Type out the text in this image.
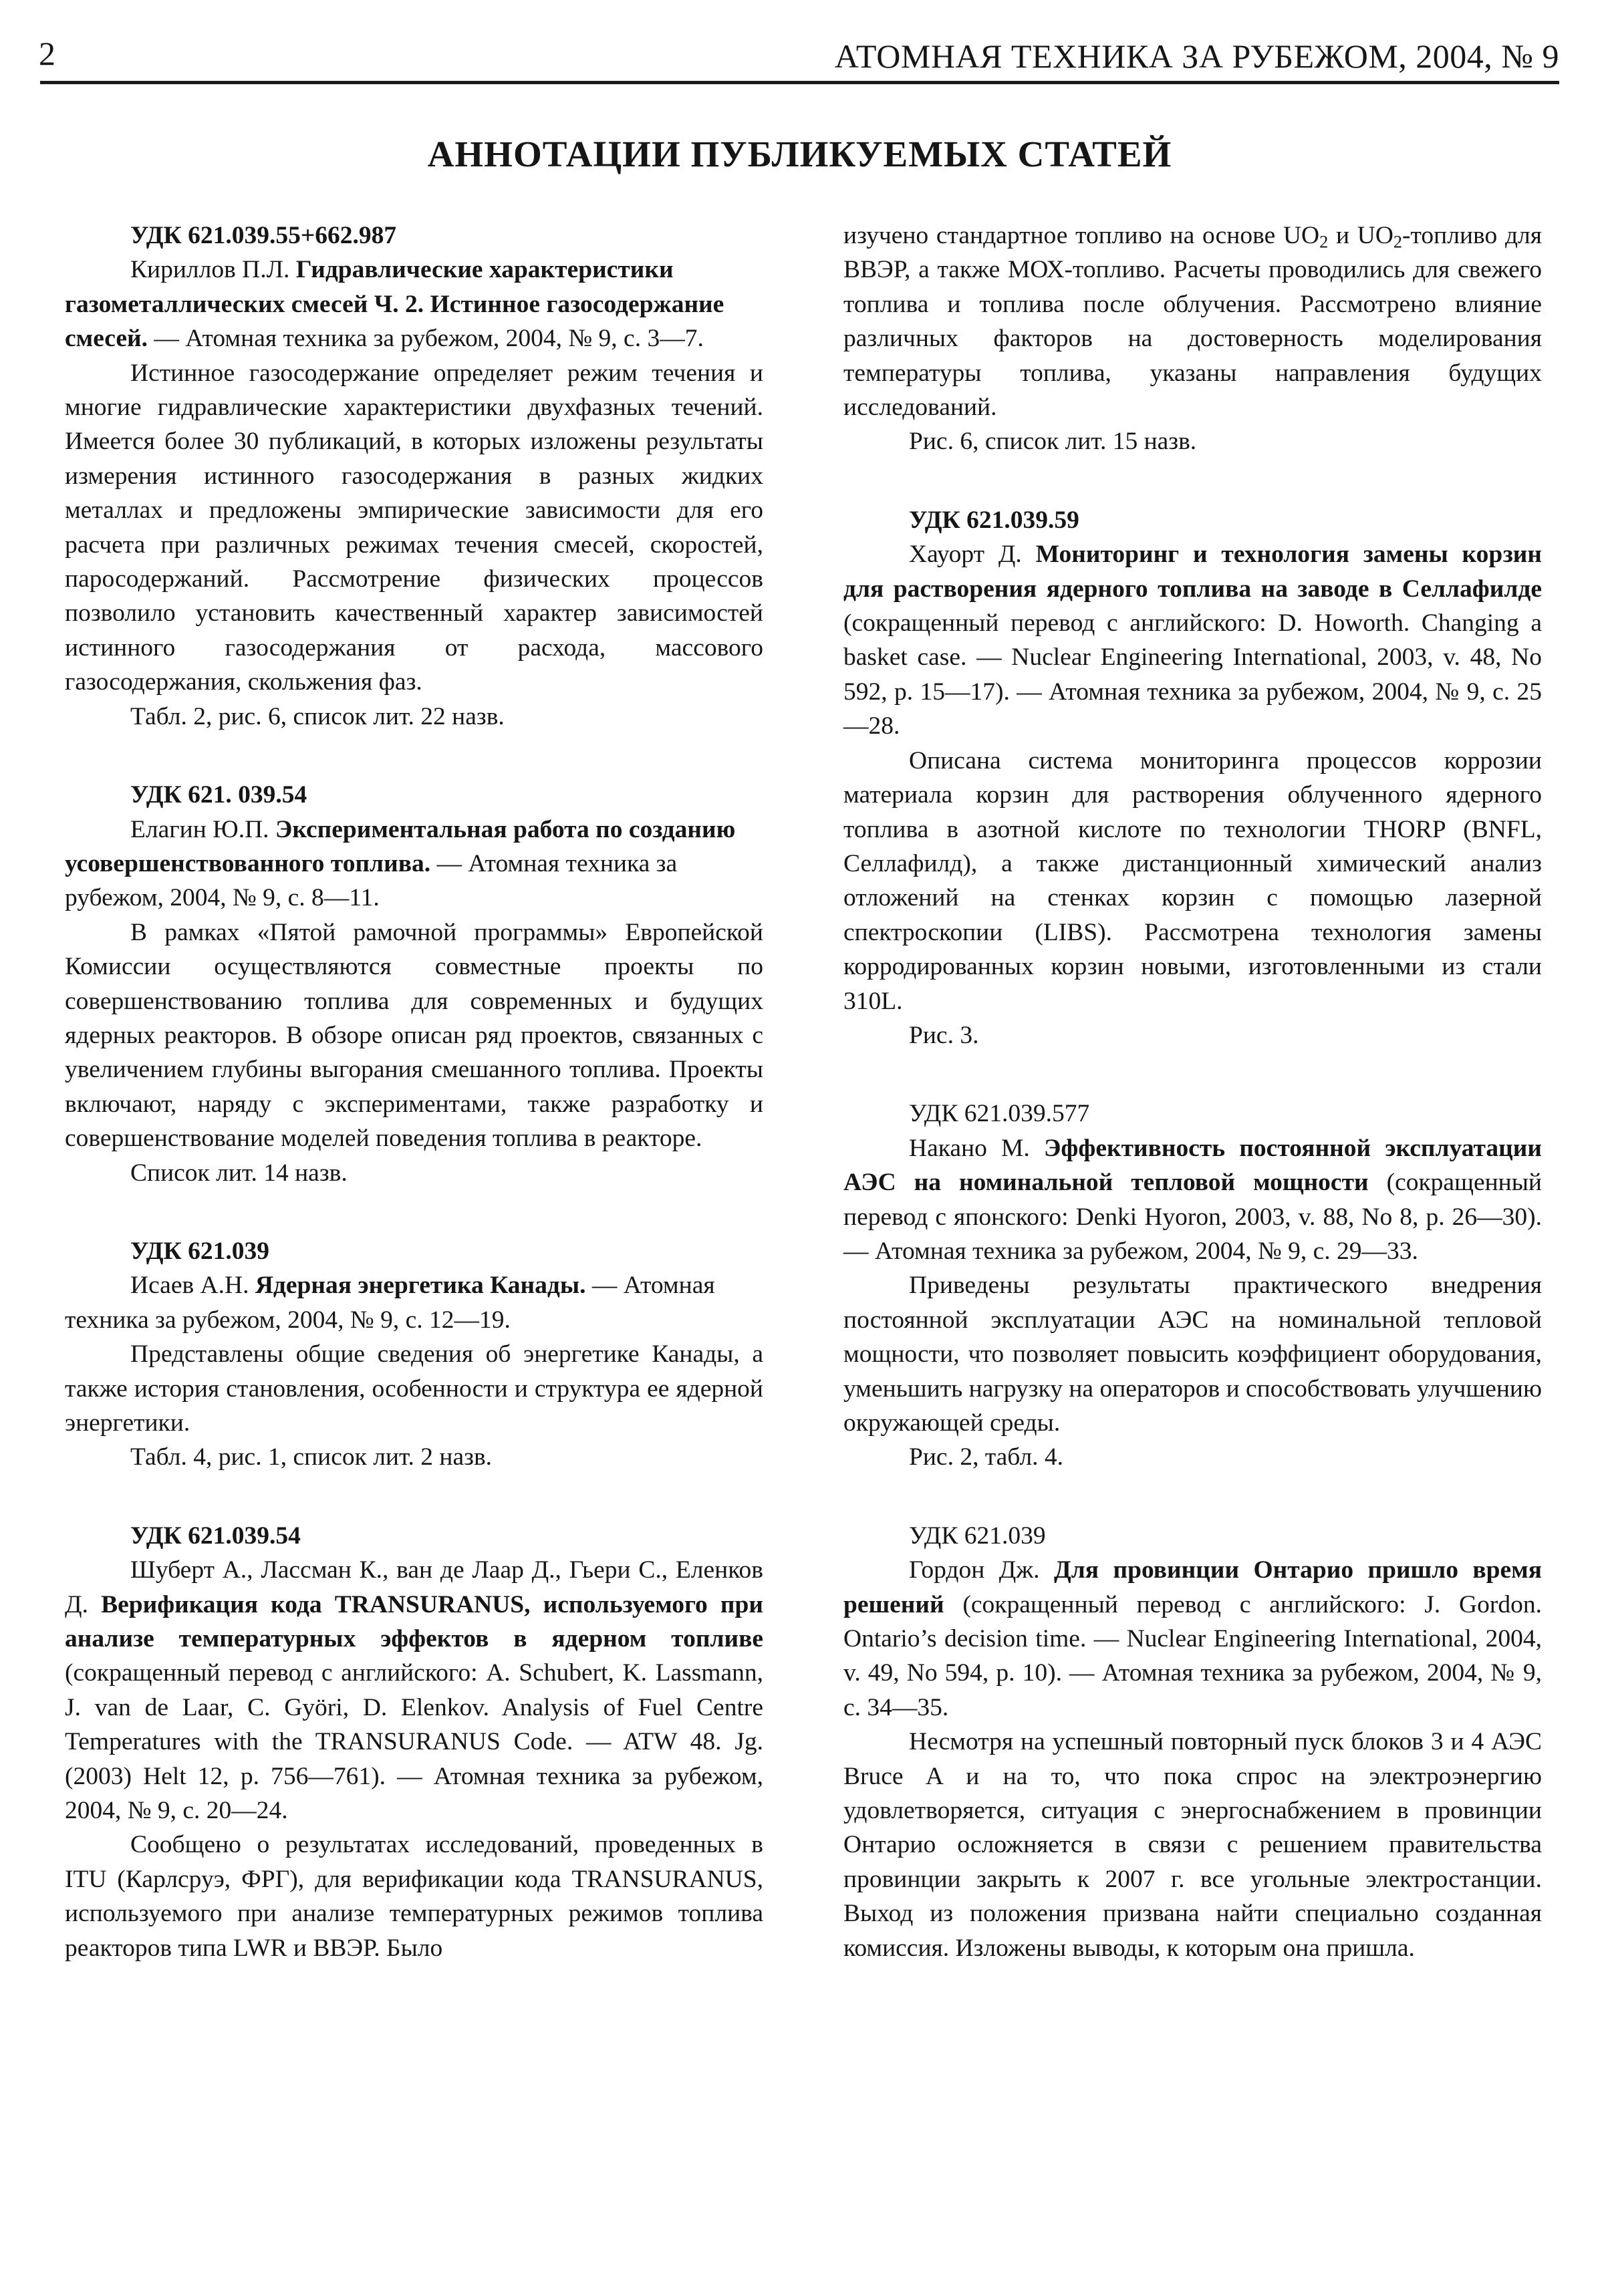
2	АТОМНАЯ ТЕХНИКА ЗА РУБЕЖОМ, 2004, № 9
АННОТАЦИИ ПУБЛИКУЕМЫХ СТАТЕЙ

УДК 621.039.55+662.987

Кириллов П.Л. Гидравлические характеристики газометаллических смесей Ч. 2. Истинное газосодержание смесей. — Атомная техника за рубежом, 2004, № 9, с. 3—7.

Истинное газосодержание определяет режим течения и многие гидравлические характеристики двухфазных течений. Имеется более 30 публикаций, в которых изложены результаты измерения истинного газосодержания в разных жидких металлах и предложены эмпирические зависимости для его расчета при различных режимах течения смесей, скоростей, паросодержаний. Рассмотрение физических процессов позволило установить качественный характер зависимостей истинного газосодержания от расхода, массового газосодержания, скольжения фаз.

Табл. 2, рис. 6, список лит. 22 назв.

УДК 621. 039.54

Елагин Ю.П. Экспериментальная работа по созданию усовершенствованного топлива. — Атомная техника за рубежом, 2004, № 9, с. 8—11.

В рамках «Пятой рамочной программы» Европейской Комиссии осуществляются совместные проекты по совершенствованию топлива для современных и будущих ядерных реакторов. В обзоре описан ряд проектов, связанных с увеличением глубины выгорания смешанного топлива. Проекты включают, наряду с экспериментами, также разработку и совершенствование моделей поведения топлива в реакторе.

Список лит. 14 назв.

УДК 621.039

Исаев А.Н. Ядерная энергетика Канады. — Атомная техника за рубежом, 2004, № 9, с. 12—19.

Представлены общие сведения об энергетике Канады, а также история становления, особенности и структура ее ядерной энергетики.

Табл. 4, рис. 1, список лит. 2 назв.

УДК 621.039.54

Шуберт А., Лассман К., ван де Лаар Д., Гьери С., Еленков Д. Верификация кода TRANSURANUS, используемого при анализе температурных эффектов в ядерном топливе (сокращенный перевод с английского: A. Schubert, K. Lassmann, J. van de Laar, C. Györi, D. Elenkov. Analysis of Fuel Centre Temperatures with the TRANSURANUS Code. — ATW 48. Jg. (2003) Helt 12, p. 756—761). — Атомная техника за рубежом, 2004, № 9, с. 20—24.

Сообщено о результатах исследований, проведенных в ITU (Карлсруэ, ФРГ), для верификации кода TRANSURANUS, используемого при анализе температурных режимов топлива реакторов типа LWR и ВВЭР. Было

изучено стандартное топливо на основе $UO_2$ и $UO_2$-топливо для ВВЭР, а также МОХ-топливо. Расчеты проводились для свежего топлива и топлива после облучения. Рассмотрено влияние различных факторов на достоверность моделирования температуры топлива, указаны направления будущих исследований.

Рис. 6, список лит. 15 назв.

УДК 621.039.59

Хауорт Д. Мониторинг и технология замены корзин для растворения ядерного топлива на заводе в Селлафилде (сокращенный перевод с английского: D. Howorth. Changing a basket case. — Nuclear Engineering International, 2003, v. 48, No 592, p. 15—17). — Атомная техника за рубежом, 2004, № 9, с. 25—28.

Описана система мониторинга процессов коррозии материала корзин для растворения облученного ядерного топлива в азотной кислоте по технологии THORP (BNFL, Селлафилд), а также дистанционный химический анализ отложений на стенках корзин с помощью лазерной спектроскопии (LIBS). Рассмотрена технология замены корродированных корзин новыми, изготовленными из стали 310L.

Рис. 3.

УДК 621.039.577

Накано М. Эффективность постоянной эксплуатации АЭС на номинальной тепловой мощности (сокращенный перевод с японского: Denki Hyoron, 2003, v. 88, No 8, p. 26—30). — Атомная техника за рубежом, 2004, № 9, с. 29—33.

Приведены результаты практического внедрения постоянной эксплуатации АЭС на номинальной тепловой мощности, что позволяет повысить коэффициент оборудования, уменьшить нагрузку на операторов и способствовать улучшению окружающей среды.

Рис. 2, табл. 4.

УДК 621.039

Гордон Дж. Для провинции Онтарио пришло время решений (сокращенный перевод с английского: J. Gordon. Ontario’s decision time. — Nuclear Engineering International, 2004, v. 49, No 594, p. 10). — Атомная техника за рубежом, 2004, № 9, с. 34—35.

Несмотря на успешный повторный пуск блоков 3 и 4 АЭС Bruce A и на то, что пока спрос на электроэнергию удовлетворяется, ситуация с энергоснабжением в провинции Онтарио осложняется в связи с решением правительства провинции закрыть к 2007 г. все угольные электростанции. Выход из положения призвана найти специально созданная комиссия. Изложены выводы, к которым она пришла.
